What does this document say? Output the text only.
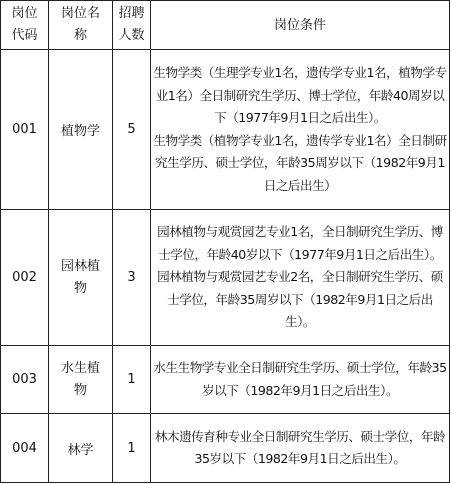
岗位代码	岗位名称	招聘人数	岗位条件
001	植物学	5	生物学类（生理学专业1名，遗传学专业1名，植物学专业1名）全日制研究生学历、博士学位，年龄40周岁以下（1977年9月1日之后出生）。

生物学类（植物学专业1名，遗传学专业1名）全日制研究生学历、硕士学位，年龄35周岁以下（1982年9月1日之后出生）

002	园林植物	3	园林植物与观赏园艺专业1名，全日制研究生学历、博士学位，年龄40岁以下（1977年9月1日之后出生）。

园林植物与观赏园艺专业2名，全日制研究生学历、硕士学位，年龄35周岁以下（1982年9月1日之后出生）。

003	水生植物	1	水生生物学专业全日制研究生学历、硕士学位，年龄35岁以下（1982年9月1日之后出生）。

004	林学	1	林木遗传育种专业全日制研究生学历、硕士学位，年龄35岁以下（1982年9月1日之后出生）。
